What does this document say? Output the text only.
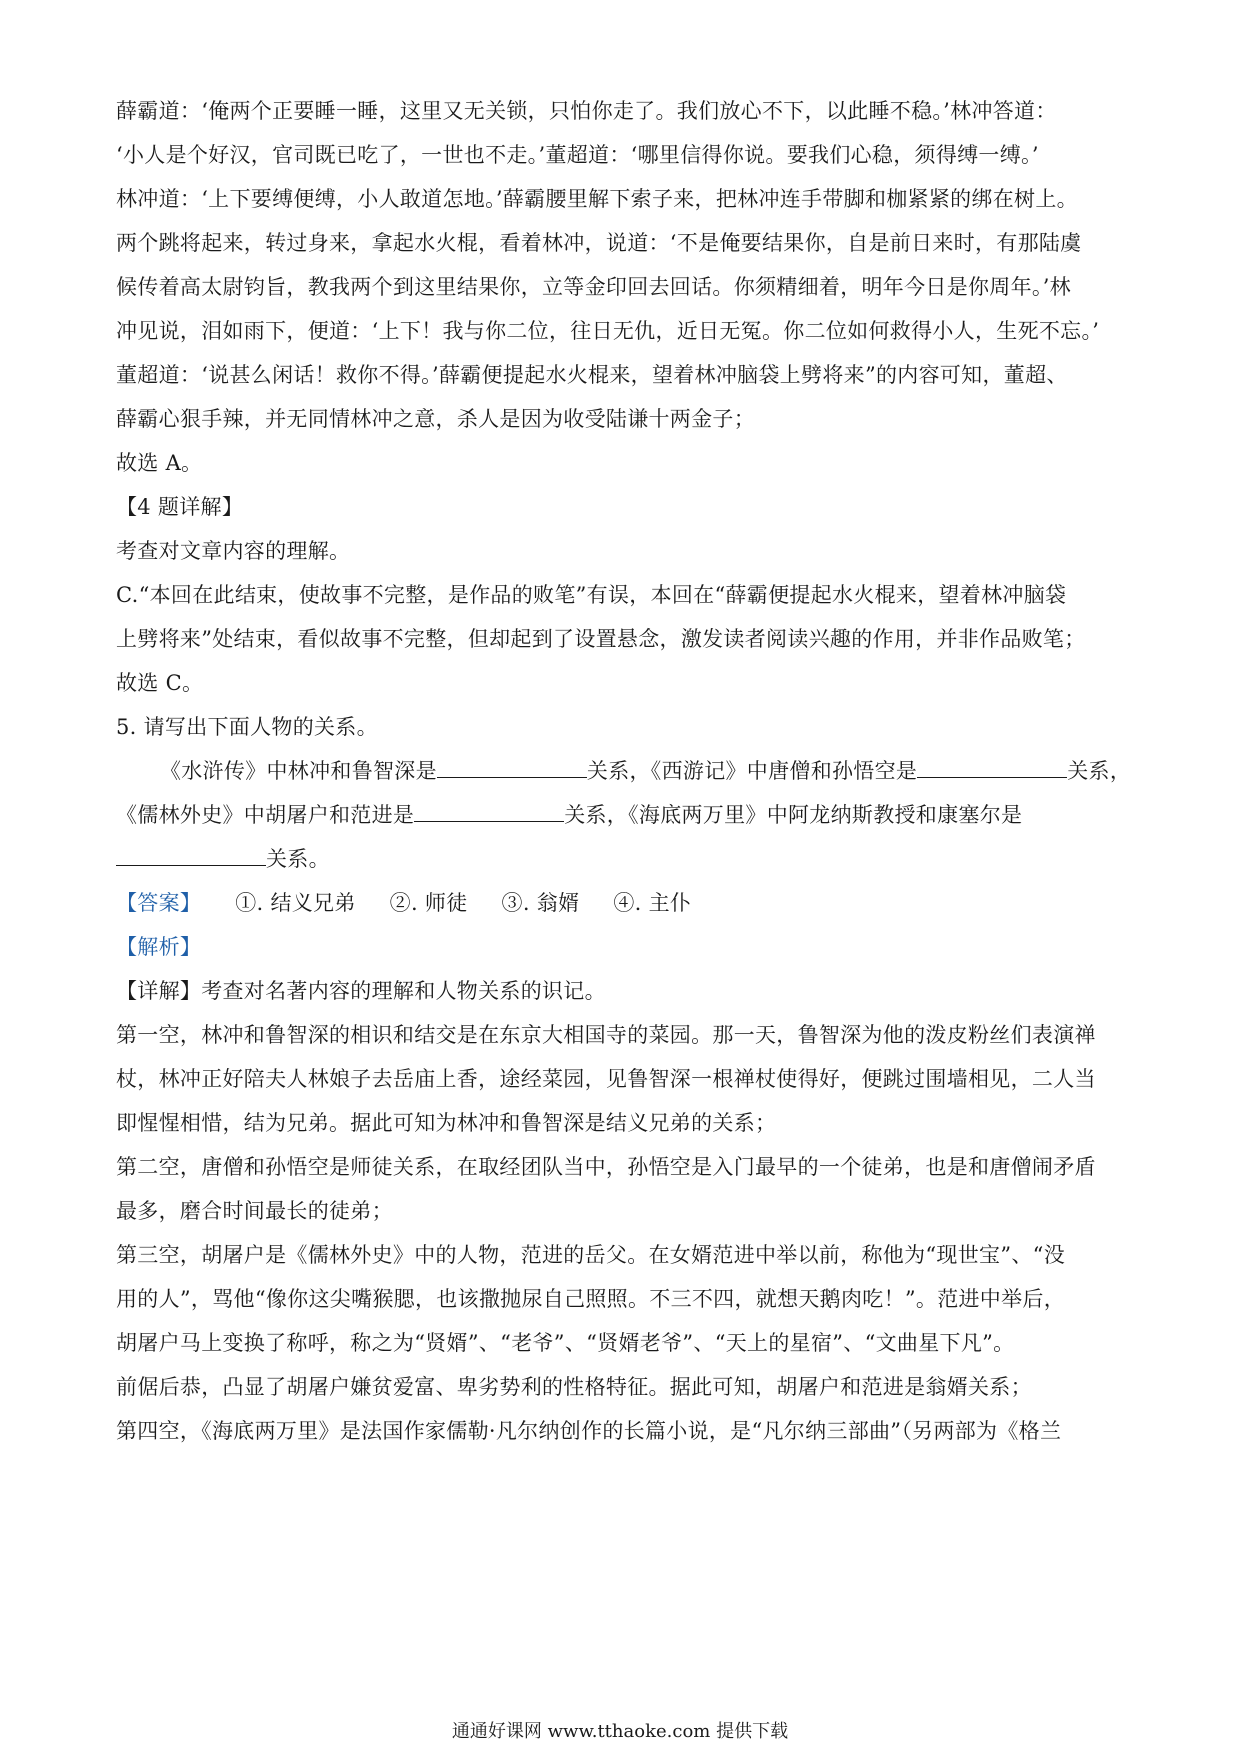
薛霸道：‘俺两个正要睡一睡，这里又无关锁，只怕你走了。我们放心不下，以此睡不稳。’林冲答道：
‘小人是个好汉，官司既已吃了，一世也不走。’董超道：‘哪里信得你说。要我们心稳，须得缚一缚。’
林冲道：‘上下要缚便缚，小人敢道怎地。’薛霸腰里解下索子来，把林冲连手带脚和枷紧紧的绑在树上。
两个跳将起来，转过身来，拿起水火棍，看着林冲，说道：‘不是俺要结果你，自是前日来时，有那陆虞
候传着高太尉钧旨，教我两个到这里结果你，立等金印回去回话。你须精细着，明年今日是你周年。’林
冲见说，泪如雨下，便道：‘上下！我与你二位，往日无仇，近日无冤。你二位如何救得小人，生死不忘。’
董超道：‘说甚么闲话！救你不得。’薛霸便提起水火棍来，望着林冲脑袋上劈将来”的内容可知，董超、
薛霸心狠手辣，并无同情林冲之意，杀人是因为收受陆谦十两金子；
故选 A。
【4 题详解】
考查对文章内容的理解。
C.“本回在此结束，使故事不完整，是作品的败笔”有误，本回在“薛霸便提起水火棍来，望着林冲脑袋
上劈将来”处结束，看似故事不完整，但却起到了设置悬念，激发读者阅读兴趣的作用，并非作品败笔；
故选 C。
5. 请写出下面人物的关系。
《水浒传》中林冲和鲁智深是	关系，《西游记》中唐僧和孙悟空是	关系，
《儒林外史》中胡屠户和范进是	关系，《海底两万里》中阿龙纳斯教授和康塞尔是
关系。
【答案】 ①. 结义兄弟 ②. 师徒 ③. 翁婿 ④. 主仆
【解析】
【详解】考查对名著内容的理解和人物关系的识记。
第一空，林冲和鲁智深的相识和结交是在东京大相国寺的菜园。那一天，鲁智深为他的泼皮粉丝们表演禅
杖，林冲正好陪夫人林娘子去岳庙上香，途经菜园，见鲁智深一根禅杖使得好，便跳过围墙相见，二人当
即惺惺相惜，结为兄弟。据此可知为林冲和鲁智深是结义兄弟的关系；
第二空，唐僧和孙悟空是师徒关系，在取经团队当中，孙悟空是入门最早的一个徒弟，也是和唐僧闹矛盾
最多，磨合时间最长的徒弟；
第三空，胡屠户是《儒林外史》中的人物，范进的岳父。在女婿范进中举以前，称他为“现世宝”、“没
用的人”，骂他“像你这尖嘴猴腮，也该撒抛尿自己照照。不三不四，就想天鹅肉吃！”。范进中举后，
胡屠户马上变换了称呼，称之为“贤婿”、“老爷”、“贤婿老爷”、“天上的星宿”、“文曲星下凡”。
前倨后恭，凸显了胡屠户嫌贫爱富、卑劣势利的性格特征。据此可知，胡屠户和范进是翁婿关系；
第四空，《海底两万里》是法国作家儒勒·凡尔纳创作的长篇小说，是“凡尔纳三部曲”（另两部为《格兰
通通好课网 www.tthaoke.com 提供下载
